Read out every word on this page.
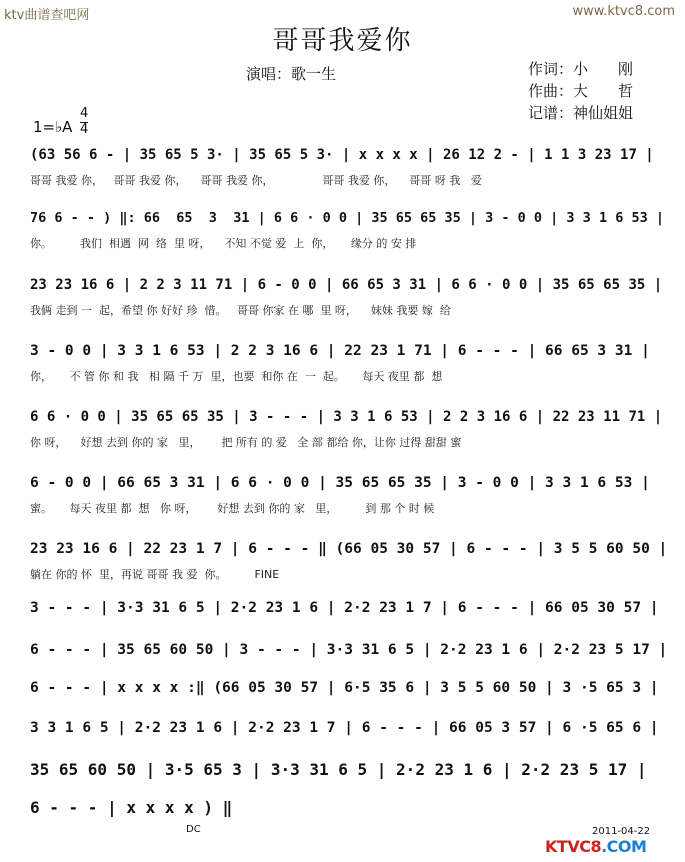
ktv曲谱查吧网	www.ktvc8.com
哥哥我爱你
演唱：歌一生	作词：小　　刚
作曲：大　　哲
记谱：神仙姐姐
1=♭A
4
4
(63 56 6 - | 35 65 5 3· | 35 65 5 3· | x x x x | 26 12 2 - | 1 1 3 23 17 |
哥哥 我爱 你，   哥哥 我爱 你，    哥哥 我爱 你，              哥哥 我爱 你，    哥哥 呀 我   爱
76 6 - - ) ‖: 66  65  3  31 | 6 6 · 0 0 | 35 65 65 35 | 3 - 0 0 | 3 3 1 6 53 |
你。        我们  相遇  网  络  里 呀，    不知 不觉 爱  上  你，     缘分 的 安 排
23 23 16 6 | 2 2 3 11 71 | 6 - 0 0 | 66 65 3 31 | 6 6 · 0 0 | 35 65 65 35 |
我俩 走到 一  起，希望 你 好好 珍  惜。   哥哥 你家 在 哪  里 呀，    妹妹 我要 嫁  给
3 - 0 0 | 3 3 1 6 53 | 2 2 3 16 6 | 22 23 1 71 | 6 - - - | 66 65 3 31 |
你，     不 管 你 和 我   相 隔 千 万  里，也要  和你 在  一  起。     每天 夜里 都  想
6 6 · 0 0 | 35 65 65 35 | 3 - - - | 3 3 1 6 53 | 2 2 3 16 6 | 22 23 11 71 |
你 呀，    好想 去到 你的 家   里，      把 所有 的 爱   全 部 都给 你，让你 过得 甜甜 蜜
6 - 0 0 | 66 65 3 31 | 6 6 · 0 0 | 35 65 65 35 | 3 - 0 0 | 3 3 1 6 53 |
蜜。     每天 夜里 都  想   你 呀，      好想 去到 你的 家   里，        到 那 个 时 候
23 23 16 6 | 22 23 1 7 | 6 - - - ‖ (66 05 30 57 | 6 - - - | 3 5 5 60 50 |
躺在 你的 怀  里，再说 哥哥 我 爱  你。        FINE
3 - - - | 3·3 31 6 5 | 2·2 23 1 6 | 2·2 23 1 7 | 6 - - - | 66 05 30 57 |
6 - - - | 35 65 60 50 | 3 - - - | 3·3 31 6 5 | 2·2 23 1 6 | 2·2 23 5 17 |
6 - - - | x x x x :‖ (66 05 30 57 | 6·5 35 6 | 3 5 5 60 50 | 3 ·5 65 3 |
3 3 1 6 5 | 2·2 23 1 6 | 2·2 23 1 7 | 6 - - - | 66 05 3 57 | 6 ·5 65 6 |
35 65 60 50 | 3·5 65 3 | 3·3 31 6 5 | 2·2 23 1 6 | 2·2 23 5 17 |
6 - - - | x x x x ) ‖
DC	2011-04-22
KTVC8.COM
